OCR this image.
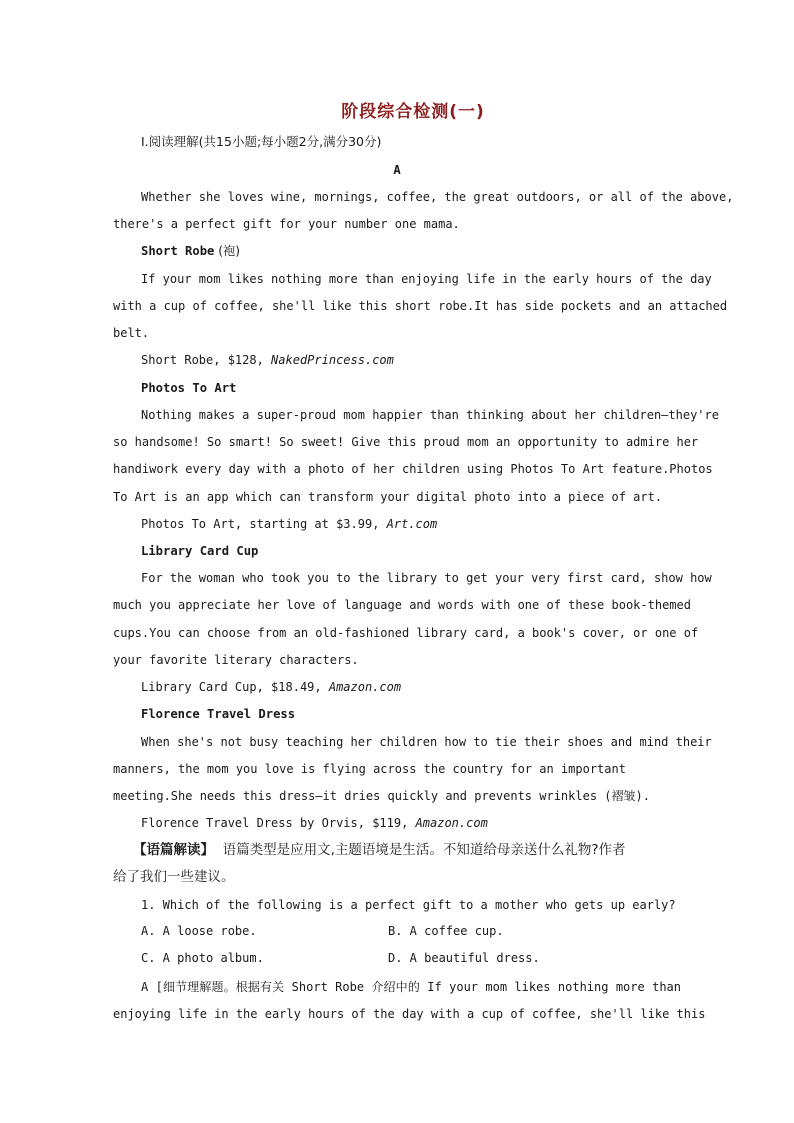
阶段综合检测(一)
Ⅰ.阅读理解(共15小题;每小题2分,满分30分)
A
Whether she loves wine, mornings, coffee, the great outdoors, or all of the above,
there's a perfect gift for your number one mama.
Short Robe (袍)
If your mom likes nothing more than enjoying life in the early hours of the day
with a cup of coffee, she'll like this short robe.It has side pockets and an attached
belt.
Short Robe, $128, NakedPrincess.com
Photos To Art
Nothing makes a super-proud mom happier than thinking about her children—they're
so handsome! So smart! So sweet! Give this proud mom an opportunity to admire her
handiwork every day with a photo of her children using Photos To Art feature.Photos
To Art is an app which can transform your digital photo into a piece of art.
Photos To Art, starting at $3.99, Art.com
Library Card Cup
For the woman who took you to the library to get your very first card, show how
much you appreciate her love of language and words with one of these book-themed
cups.You can choose from an old-fashioned library card, a book's cover, or one of
your favorite literary characters.
Library Card Cup, $18.49, Amazon.com
Florence Travel Dress
When she's not busy teaching her children how to tie their shoes and mind their
manners, the mom you love is flying across the country for an important
meeting.She needs this dress—it dries quickly and prevents wrinkles (褶皱).
Florence Travel Dress by Orvis, $119, Amazon.com
【语篇解读】 语篇类型是应用文,主题语境是生活。不知道给母亲送什么礼物?作者
给了我们一些建议。
1. Which of the following is a perfect gift to a mother who gets up early?
A. A loose robe.	B. A coffee cup.
C. A photo album.	D. A beautiful dress.
A [细节理解题。根据有关 Short Robe 介绍中的 If your mom likes nothing more than
enjoying life in the early hours of the day with a cup of coffee, she'll like this
